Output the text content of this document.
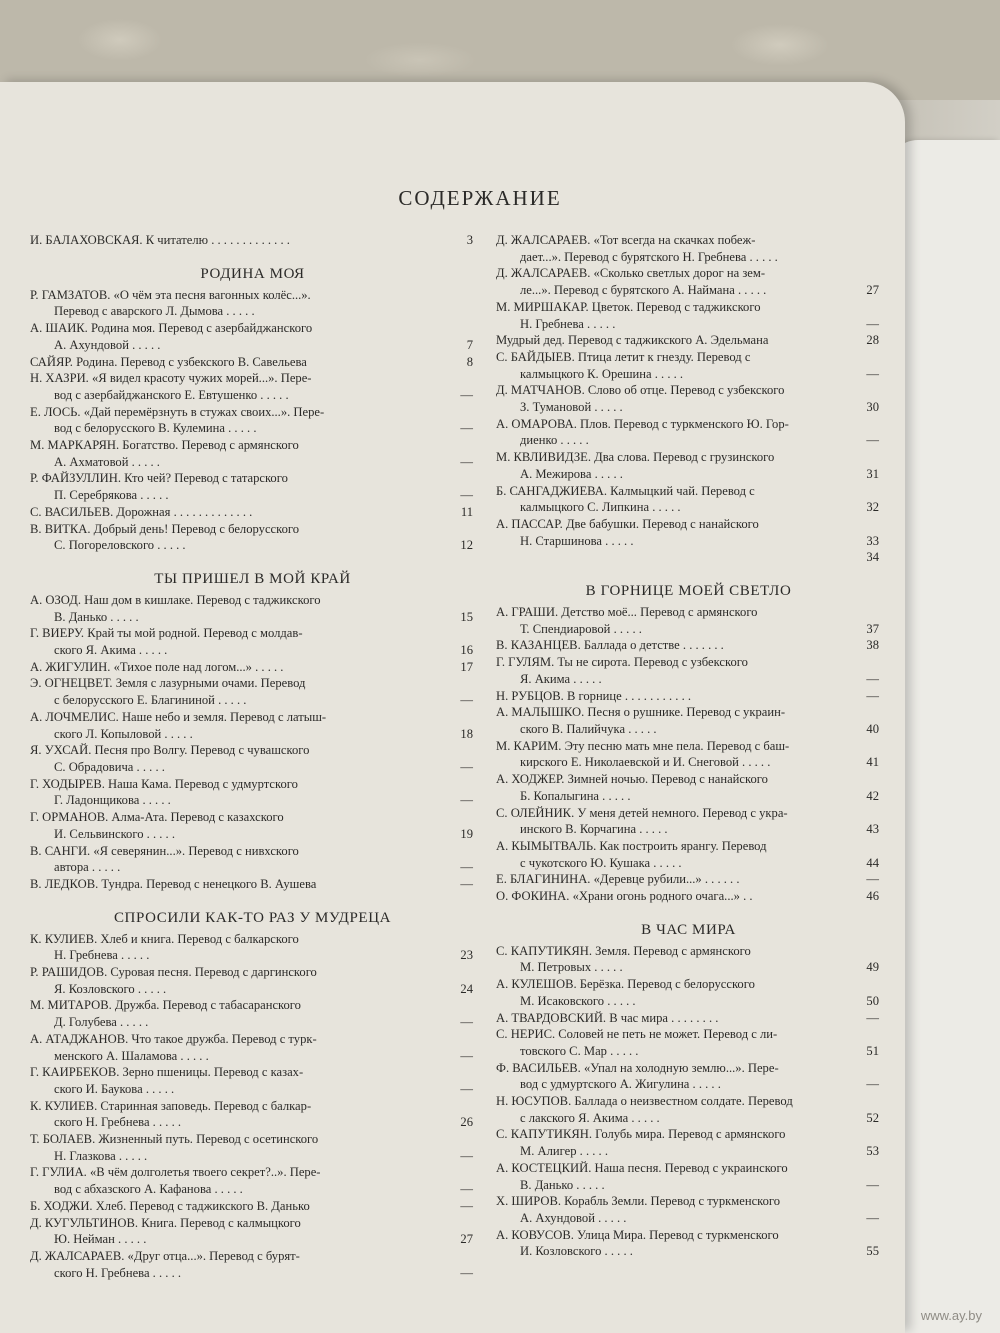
СОДЕРЖАНИЕ
И. БАЛАХОВСКАЯ. К читателю . . . . . . . . . . . . .	3
РОДИНА МОЯ
Р. ГАМЗАТОВ. «О чём эта песня вагонных колёс...».
Перевод с аварского Л. Дымова . . . . .
А. ШАИК. Родина моя. Перевод с азербайджанского
А. Ахундовой . . . . .	7
САЙЯР. Родина. Перевод с узбекского В. Савельева	8
Н. ХАЗРИ. «Я видел красоту чужих морей...». Пере-
вод с азербайджанского Е. Евтушенко . . . . .	—
Е. ЛОСЬ. «Дай перемёрзнуть в стужах своих...». Пере-
вод с белорусского В. Кулемина . . . . .	—
М. МАРКАРЯН. Богатство. Перевод с армянского
А. Ахматовой . . . . .	—
Р. ФАЙЗУЛЛИН. Кто чей? Перевод с татарского
П. Серебрякова . . . . .	—
С. ВАСИЛЬЕВ. Дорожная . . . . . . . . . . . . .	11
В. ВИТКА. Добрый день! Перевод с белорусского
С. Погореловского . . . . .	12
ТЫ ПРИШЕЛ В МОЙ КРАЙ
А. ОЗОД. Наш дом в кишлаке. Перевод с таджикского
В. Данько . . . . .	15
Г. ВИЕРУ. Край ты мой родной. Перевод с молдав-
ского Я. Акима . . . . .	16
А. ЖИГУЛИН. «Тихое поле над логом...» . . . . .	17
Э. ОГНЕЦВЕТ. Земля с лазурными очами. Перевод
с белорусского Е. Благининой . . . . .	—
А. ЛОЧМЕЛИС. Наше небо и земля. Перевод с латыш-
ского Л. Копыловой . . . . .	18
Я. УХСАЙ. Песня про Волгу. Перевод с чувашского
С. Обрадовича . . . . .	—
Г. ХОДЫРЕВ. Наша Кама. Перевод с удмуртского
Г. Ладонщикова . . . . .	—
Г. ОРМАНОВ. Алма-Ата. Перевод с казахского
И. Сельвинского . . . . .	19
В. САНГИ. «Я северянин...». Перевод с нивхского
автора . . . . .	—
В. ЛЕДКОВ. Тундра. Перевод с ненецкого В. Аушева	—
СПРОСИЛИ КАК-ТО РАЗ У МУДРЕЦА
К. КУЛИЕВ. Хлеб и книга. Перевод с балкарского
Н. Гребнева . . . . .	23
Р. РАШИДОВ. Суровая песня. Перевод с даргинского
Я. Козловского . . . . .	24
М. МИТАРОВ. Дружба. Перевод с табасаранского
Д. Голубева . . . . .	—
А. АТАДЖАНОВ. Что такое дружба. Перевод с турк-
менского А. Шаламова . . . . .	—
Г. КАИРБЕКОВ. Зерно пшеницы. Перевод с казах-
ского И. Баукова . . . . .	—
К. КУЛИЕВ. Старинная заповедь. Перевод с балкар-
ского Н. Гребнева . . . . .	26
Т. БОЛАЕВ. Жизненный путь. Перевод с осетинского
Н. Глазкова . . . . .	—
Г. ГУЛИА. «В чём долголетья твоего секрет?..». Пере-
вод с абхазского А. Кафанова . . . . .	—
Б. ХОДЖИ. Хлеб. Перевод с таджикского В. Данько	—
Д. КУГУЛЬТИНОВ. Книга. Перевод с калмыцкого
Ю. Нейман . . . . .	27
Д. ЖАЛСАРАЕВ. «Друг отца...». Перевод с бурят-
ского Н. Гребнева . . . . .	—
Д. ЖАЛСАРАЕВ. «Тот всегда на скачках побеж-
дает...». Перевод с бурятского Н. Гребнева . . . . .
Д. ЖАЛСАРАЕВ. «Сколько светлых дорог на зем-
ле...». Перевод с бурятского А. Наймана . . . . .	27
М. МИРШАКАР. Цветок. Перевод с таджикского
Н. Гребнева . . . . .	—
Мудрый дед. Перевод с таджикского А. Эдельмана	28
С. БАЙДЫЕВ. Птица летит к гнезду. Перевод с
калмыцкого К. Орешина . . . . .	—
Д. МАТЧАНОВ. Слово об отце. Перевод с узбекского
З. Тумановой . . . . .	30
А. ОМАРОВА. Плов. Перевод с туркменского Ю. Гор-
диенко . . . . .	—
М. КВЛИВИДЗЕ. Два слова. Перевод с грузинского
А. Межирова . . . . .	31
Б. САНГАДЖИЕВА. Калмыцкий чай. Перевод с
калмыцкого С. Липкина . . . . .	32
А. ПАССАР. Две бабушки. Перевод с нанайского
Н. Старшинова . . . . .	33

34
В ГОРНИЦЕ МОЕЙ СВЕТЛО
А. ГРАШИ. Детство моё... Перевод с армянского
Т. Спендиаровой . . . . .	37
В. КАЗАНЦЕВ. Баллада о детстве . . . . . . .	38
Г. ГУЛЯМ. Ты не сирота. Перевод с узбекского
Я. Акима . . . . .	—
Н. РУБЦОВ. В горнице . . . . . . . . . . .	—
А. МАЛЫШКО. Песня о рушнике. Перевод с украин-
ского В. Палийчука . . . . .	40
М. КАРИМ. Эту песню мать мне пела. Перевод с баш-
кирского Е. Николаевской и И. Снеговой . . . . .	41
А. ХОДЖЕР. Зимней ночью. Перевод с нанайского
Б. Копалыгина . . . . .	42
С. ОЛЕЙНИК. У меня детей немного. Перевод с укра-
инского В. Корчагина . . . . .	43
А. КЫМЫТВАЛЬ. Как построить ярангу. Перевод
с чукотского Ю. Кушака . . . . .	44
Е. БЛАГИНИНА. «Деревце рубили...» . . . . . .	—
О. ФОКИНА. «Храни огонь родного очага...» . .	46
В ЧАС МИРА
С. КАПУТИКЯН. Земля. Перевод с армянского
М. Петровых . . . . .	49
А. КУЛЕШОВ. Берёзка. Перевод с белорусского
М. Исаковского . . . . .	50
А. ТВАРДОВСКИЙ. В час мира . . . . . . . .	—
С. НЕРИС. Соловей не петь не может. Перевод с ли-
товского С. Мар . . . . .	51
Ф. ВАСИЛЬЕВ. «Упал на холодную землю...». Пере-
вод с удмуртского А. Жигулина . . . . .	—
Н. ЮСУПОВ. Баллада о неизвестном солдате. Перевод
с лакского Я. Акима . . . . .	52
С. КАПУТИКЯН. Голубь мира. Перевод с армянского
М. Алигер . . . . .	53
А. КОСТЕЦКИЙ. Наша песня. Перевод с украинского
В. Данько . . . . .	—
Х. ШИРОВ. Корабль Земли. Перевод с туркменского
А. Ахундовой . . . . .	—
А. КОВУСОВ. Улица Мира. Перевод с туркменского
И. Козловского . . . . .	55
www.ay.by
